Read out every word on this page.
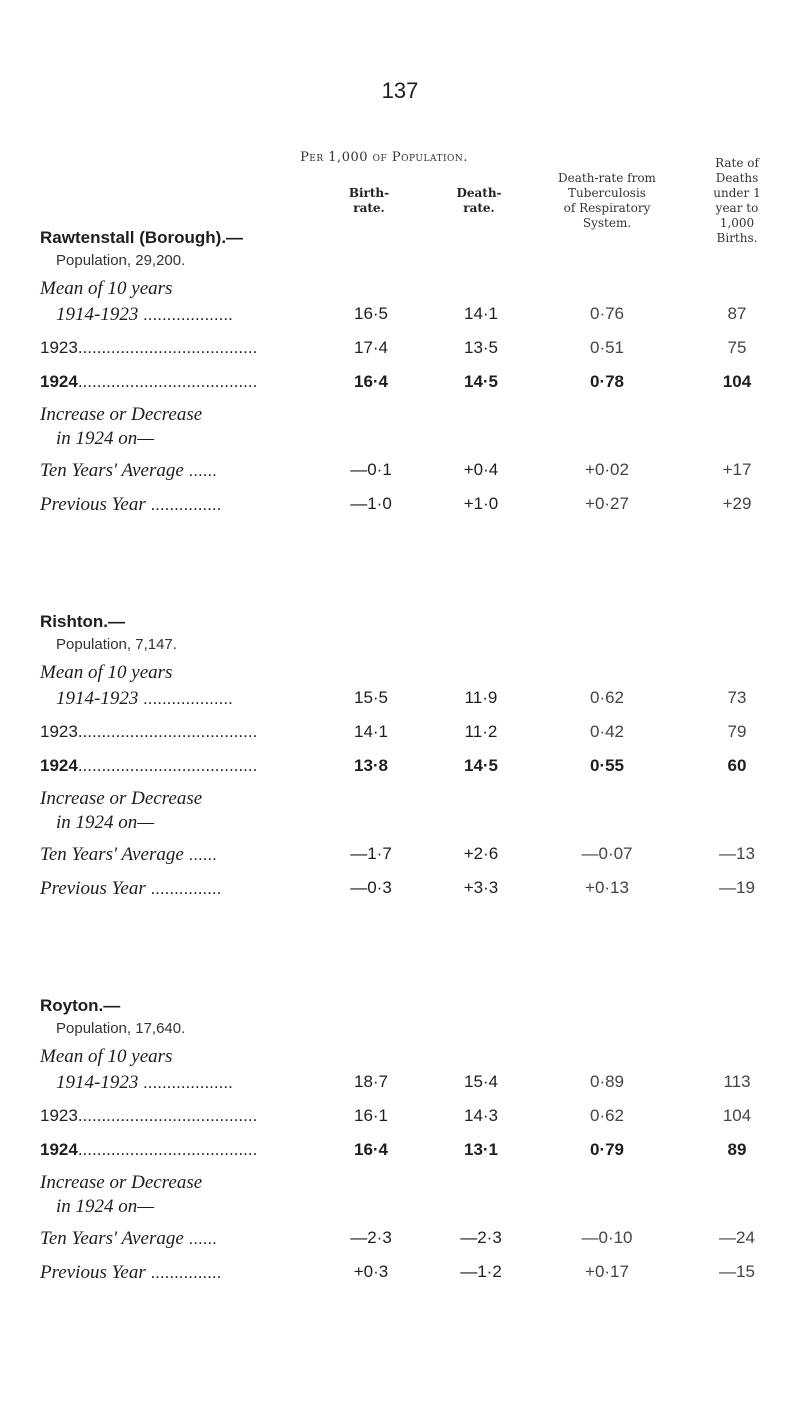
137
Per 1,000 of Population.
Birth-
rate.
Death-
rate.
Death-rate from
Tuberculosis
of Respiratory
System.
Rate of
Deaths
under 1
year to
1,000
Births.
Rawtenstall (Borough).—
Population, 29,200.
Mean of 10 years
1914-1923 ...................	16·5	14·1	0·76	87
1923......................................	17·4	13·5	0·51	75
1924......................................	16·4	14·5	0·78	104
Increase or Decrease
in 1924 on—
Ten Years' Average ......	—0·1	+0·4	+0·02	+17
Previous Year ...............	—1·0	+1·0	+0·27	+29
Rishton.—
Population, 7,147.
Mean of 10 years
1914-1923 ...................	15·5	11·9	0·62	73
1923......................................	14·1	11·2	0·42	79
1924......................................	13·8	14·5	0·55	60
Increase or Decrease
in 1924 on—
Ten Years' Average ......	—1·7	+2·6	—0·07	—13
Previous Year ...............	—0·3	+3·3	+0·13	—19
Royton.—
Population, 17,640.
Mean of 10 years
1914-1923 ...................	18·7	15·4	0·89	113
1923......................................	16·1	14·3	0·62	104
1924......................................	16·4	13·1	0·79	89
Increase or Decrease
in 1924 on—
Ten Years' Average ......	—2·3	—2·3	—0·10	—24
Previous Year ...............	+0·3	—1·2	+0·17	—15
